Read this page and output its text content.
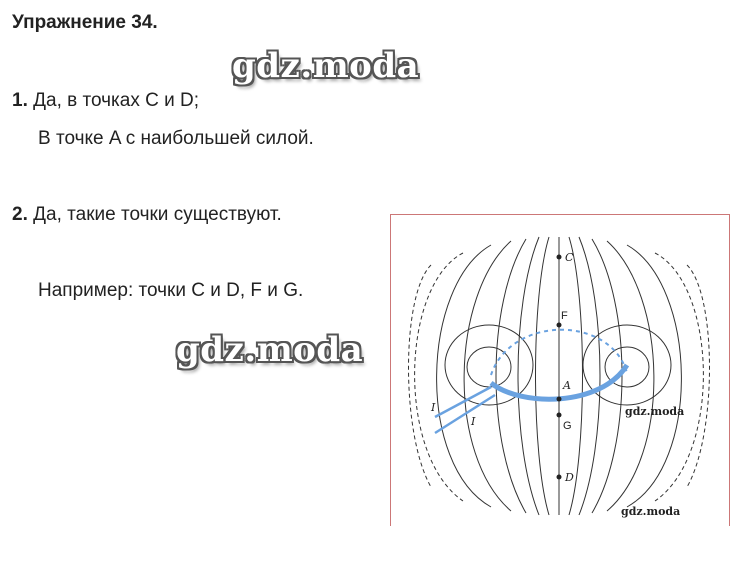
Упражнение 34.
gdz.moda
1. Да, в точках C и D;
В точке A с наибольшей силой.
2. Да, такие точки существуют.
Например: точки C и D, F и G.
gdz.moda
C
F
A
G
D
I
I
gdz.moda
gdz.moda
